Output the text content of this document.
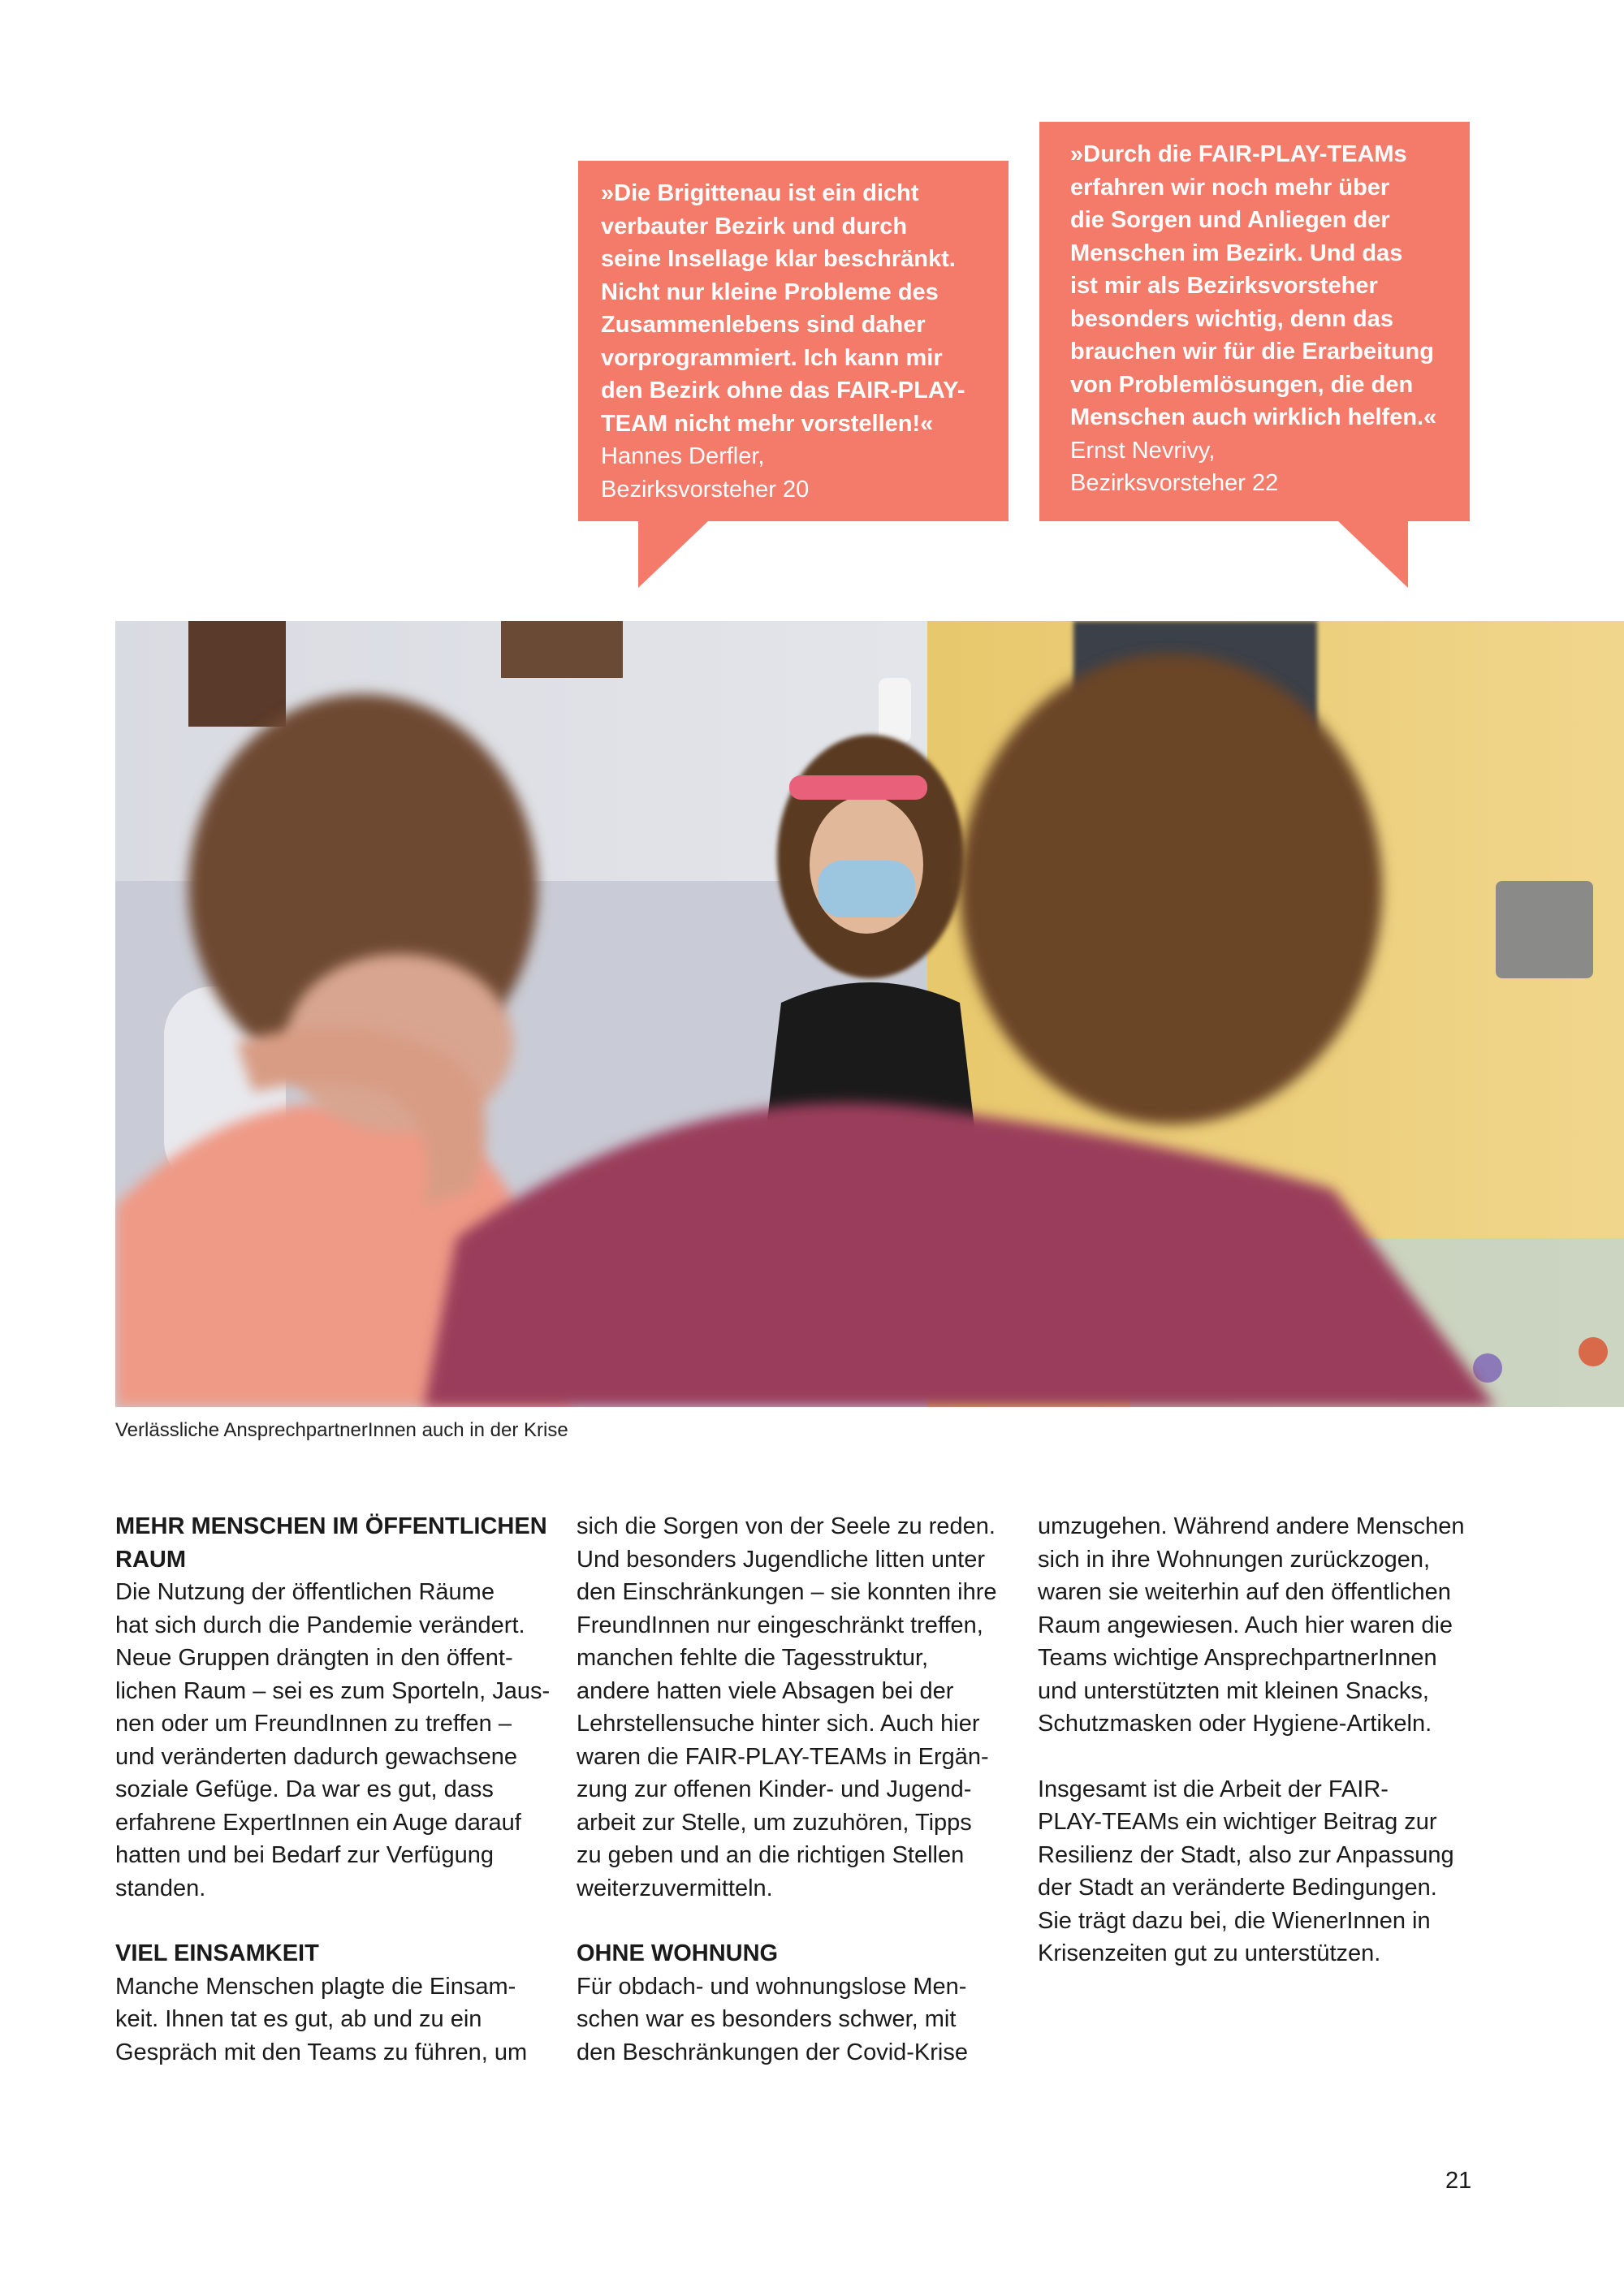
»Die Brigittenau ist ein dicht
verbauter Bezirk und durch
seine Insellage klar beschränkt.
Nicht nur kleine Probleme des
Zusammenlebens sind daher
vorprogrammiert. Ich kann mir
den Bezirk ohne das FAIR-PLAY-
TEAM nicht mehr vorstellen!«
Hannes Derfler,
Bezirksvorsteher 20
»Durch die FAIR-PLAY-TEAMs
erfahren wir noch mehr über
die Sorgen und Anliegen der
Menschen im Bezirk. Und das
ist mir als Bezirksvorsteher
besonders wichtig, denn das
brauchen wir für die Erarbeitung
von Problemlösungen, die den
Menschen auch wirklich helfen.«
Ernst Nevrivy,
Bezirksvorsteher 22
Verlässliche AnsprechpartnerInnen auch in der Krise
MEHR MENSCHEN IM ÖFFENTLICHEN
RAUM

Die Nutzung der öffentlichen Räume
hat sich durch die Pandemie verändert.
Neue Gruppen drängten in den öffent-
lichen Raum – sei es zum Sporteln, Jaus-
nen oder um FreundInnen zu treffen –
und veränderten dadurch gewachsene
soziale Gefüge. Da war es gut, dass
erfahrene ExpertInnen ein Auge darauf
hatten und bei Bedarf zur Verfügung
standen.

VIEL EINSAMKEIT

Manche Menschen plagte die Einsam-
keit. Ihnen tat es gut, ab und zu ein
Gespräch mit den Teams zu führen, um

sich die Sorgen von der Seele zu reden.
Und besonders Jugendliche litten unter
den Einschränkungen – sie konnten ihre
FreundInnen nur eingeschränkt treffen,
manchen fehlte die Tagesstruktur,
andere hatten viele Absagen bei der
Lehrstellensuche hinter sich. Auch hier
waren die FAIR-PLAY-TEAMs in Ergän-
zung zur offenen Kinder- und Jugend-
arbeit zur Stelle, um zuzuhören, Tipps
zu geben und an die richtigen Stellen
weiterzuvermitteln.

OHNE WOHNUNG

Für obdach- und wohnungslose Men-
schen war es besonders schwer, mit
den Beschränkungen der Covid-Krise

umzugehen. Während andere Menschen
sich in ihre Wohnungen zurückzogen,
waren sie weiterhin auf den öffentlichen
Raum angewiesen. Auch hier waren die
Teams wichtige AnsprechpartnerInnen
und unterstützten mit kleinen Snacks,
Schutzmasken oder Hygiene-Artikeln.

Insgesamt ist die Arbeit der FAIR-
PLAY-TEAMs ein wichtiger Beitrag zur
Resilienz der Stadt, also zur Anpassung
der Stadt an veränderte Bedingungen.
Sie trägt dazu bei, die WienerInnen in
Krisenzeiten gut zu unterstützen.

21
